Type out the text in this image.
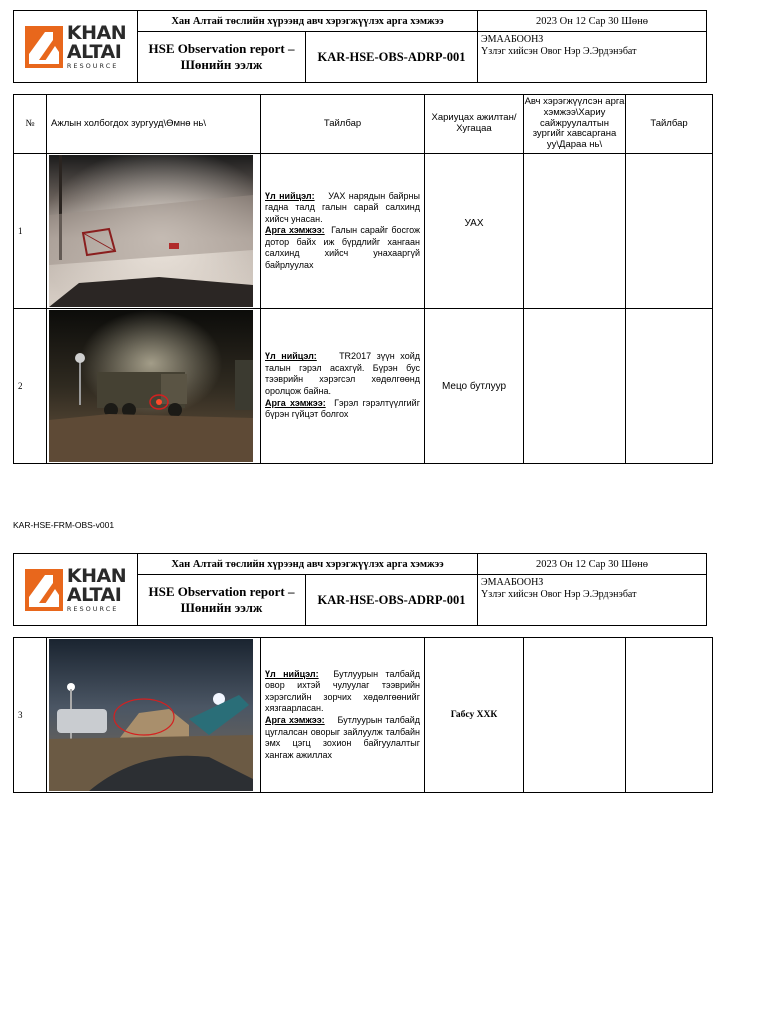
KHAN
ALTAI
RESOURCE	Хан Алтай төслийн хүрээнд авч хэрэгжүүлэх арга хэмжээ		2023 Он 12 Сар 30 Шөнө
	HSE Observation report –
Шөнийн ээлж	KAR-HSE-OBS-ADRP-001	ЭМААБООНЗ
Үзлэг хийсэн Овог Нэр Э.Эрдэнэбат
№	Ажлын холбогдох зургууд\Өмнө нь\	Тайлбар	Хариуцах ажилтан/Хугацаа	Авч хэрэгжүүлсэн арга хэмжээ\Хариу сайжруулалтын зургийг хавсаргана уу\Дараа нь\	Тайлбар
1		Үл нийцэл: УАХ нарядын байрны гадна талд галын сарай салхинд хийсч унасан.
Арга хэмжээ: Галын сарайг босгож дотор байх иж бүрдлийг хангаан салхинд хийсч унахааргүй байрлуулах	УАХ		
2		Үл нийцэл: TR2017 зүүн хойд талын гэрэл асахгүй. Бүрэн бус тээврийн хэрэгсэл хөдөлгөөнд оролцож байна.
Арга хэмжээ: Гэрэл гэрэлтүүлгийг бүрэн гүйцэт болгох	Мецо бутлуур		
KAR-HSE-FRM-OBS-v001
KHAN
ALTAI
RESOURCE	Хан Алтай төслийн хүрээнд авч хэрэгжүүлэх арга хэмжээ		2023 Он 12 Сар 30 Шөнө
	HSE Observation report –
Шөнийн ээлж	KAR-HSE-OBS-ADRP-001	ЭМААБООНЗ
Үзлэг хийсэн Овог Нэр Э.Эрдэнэбат
3	
	Үл нийцэл: Бутлуурын талбайд овор ихтэй чулуулаг тээврийн хэрэгслийн зорчих хөдөлгөөнийг хязгаарласан.
Арга хэмжээ: Бутлуурын талбайд цуглалсан оворыг зайлуулж талбайн эмх цэгц зохион байгуулалтыг хангаж ажиллах	Габсу ХХК		
